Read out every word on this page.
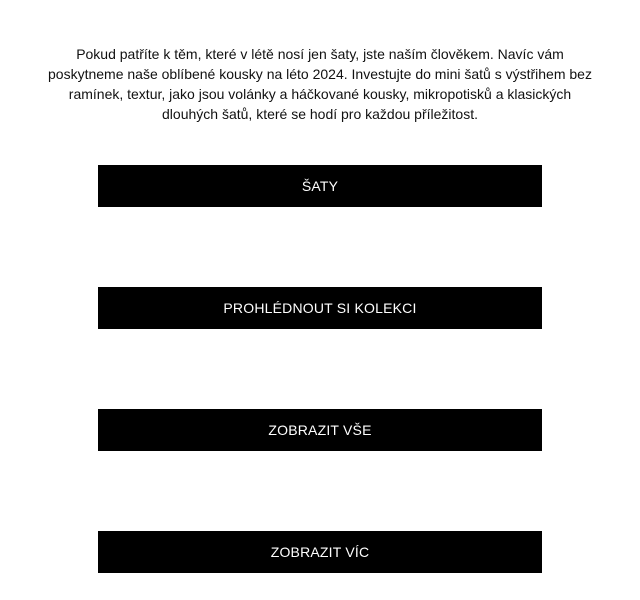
Pokud patříte k těm, které v létě nosí jen šaty, jste naším člověkem. Navíc vám poskytneme naše oblíbené kousky na léto 2024. Investujte do mini šatů s výstřihem bez ramínek, textur, jako jsou volánky a háčkované kousky, mikropotisků a klasických dlouhých šatů, které se hodí pro každou příležitost.

ŠATY
PROHLÉDNOUT SI KOLEKCI
ZOBRAZIT VŠE
ZOBRAZIT VÍC
